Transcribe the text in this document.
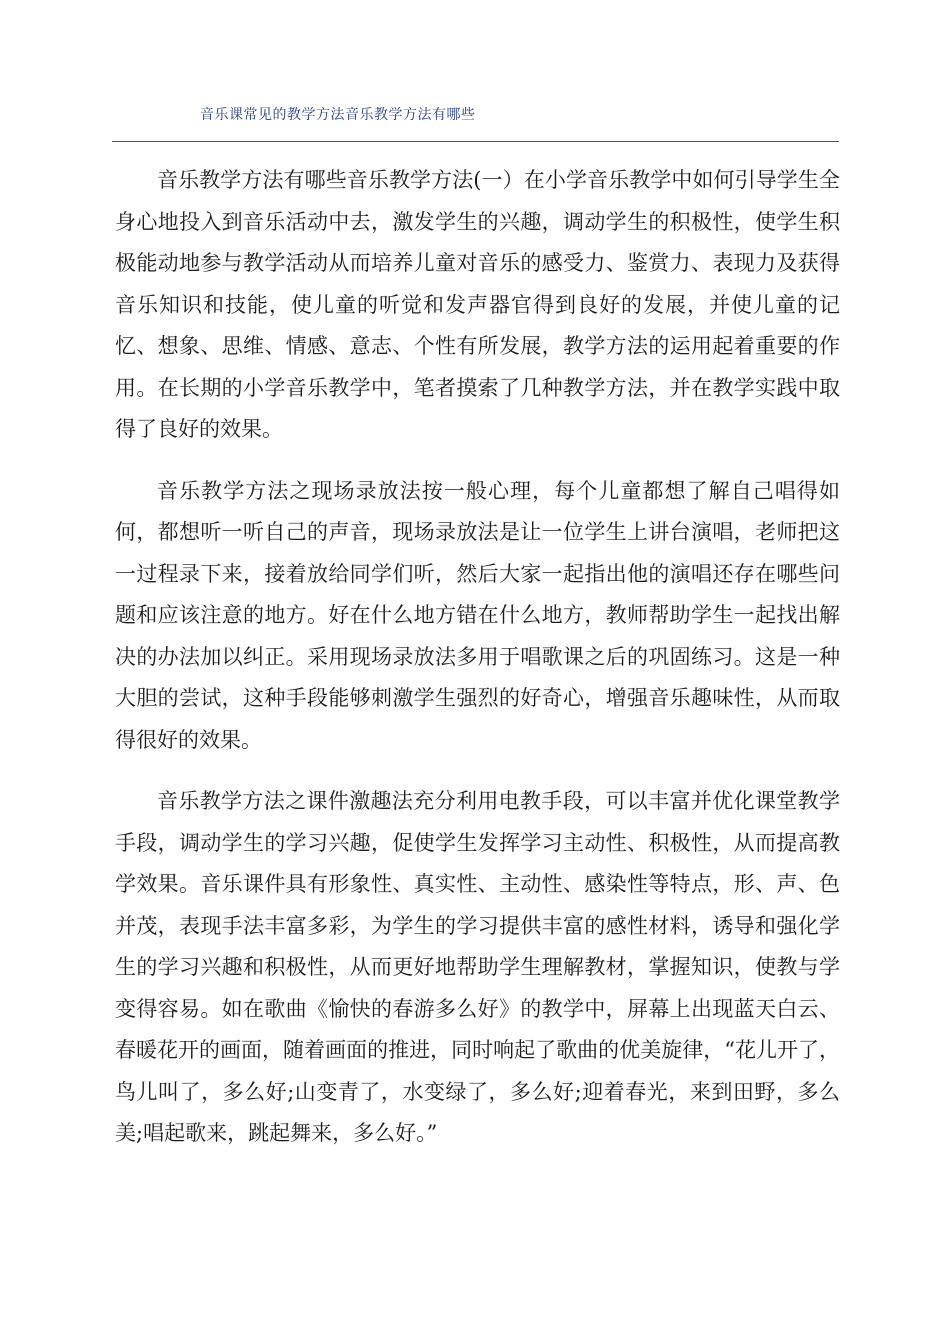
音乐课常见的教学方法音乐教学方法有哪些

音乐教学方法有哪些音乐教学方法(一）在小学音乐教学中如何引导学生全身心地投入到音乐活动中去，激发学生的兴趣，调动学生的积极性，使学生积极能动地参与教学活动从而培养儿童对音乐的感受力、鉴赏力、表现力及获得音乐知识和技能，使儿童的听觉和发声器官得到良好的发展，并使儿童的记忆、想象、思维、情感、意志、个性有所发展，教学方法的运用起着重要的作用。在长期的小学音乐教学中，笔者摸索了几种教学方法，并在教学实践中取得了良好的效果。

音乐教学方法之现场录放法按一般心理，每个儿童都想了解自己唱得如何，都想听一听自己的声音，现场录放法是让一位学生上讲台演唱，老师把这一过程录下来，接着放给同学们听，然后大家一起指出他的演唱还存在哪些问题和应该注意的地方。好在什么地方错在什么地方，教师帮助学生一起找出解决的办法加以纠正。采用现场录放法多用于唱歌课之后的巩固练习。这是一种大胆的尝试，这种手段能够刺激学生强烈的好奇心，增强音乐趣味性，从而取得很好的效果。

音乐教学方法之课件激趣法充分利用电教手段，可以丰富并优化课堂教学手段，调动学生的学习兴趣，促使学生发挥学习主动性、积极性，从而提高教学效果。音乐课件具有形象性、真实性、主动性、感染性等特点，形、声、色并茂，表现手法丰富多彩，为学生的学习提供丰富的感性材料，诱导和强化学生的学习兴趣和积极性，从而更好地帮助学生理解教材，掌握知识，使教与学变得容易。如在歌曲《愉快的春游多么好》的教学中，屏幕上出现蓝天白云、春暖花开的画面，随着画面的推进，同时响起了歌曲的优美旋律，“花儿开了，鸟儿叫了，多么好;山变青了，水变绿了，多么好;迎着春光，来到田野，多么美;唱起歌来，跳起舞来，多么好。”
